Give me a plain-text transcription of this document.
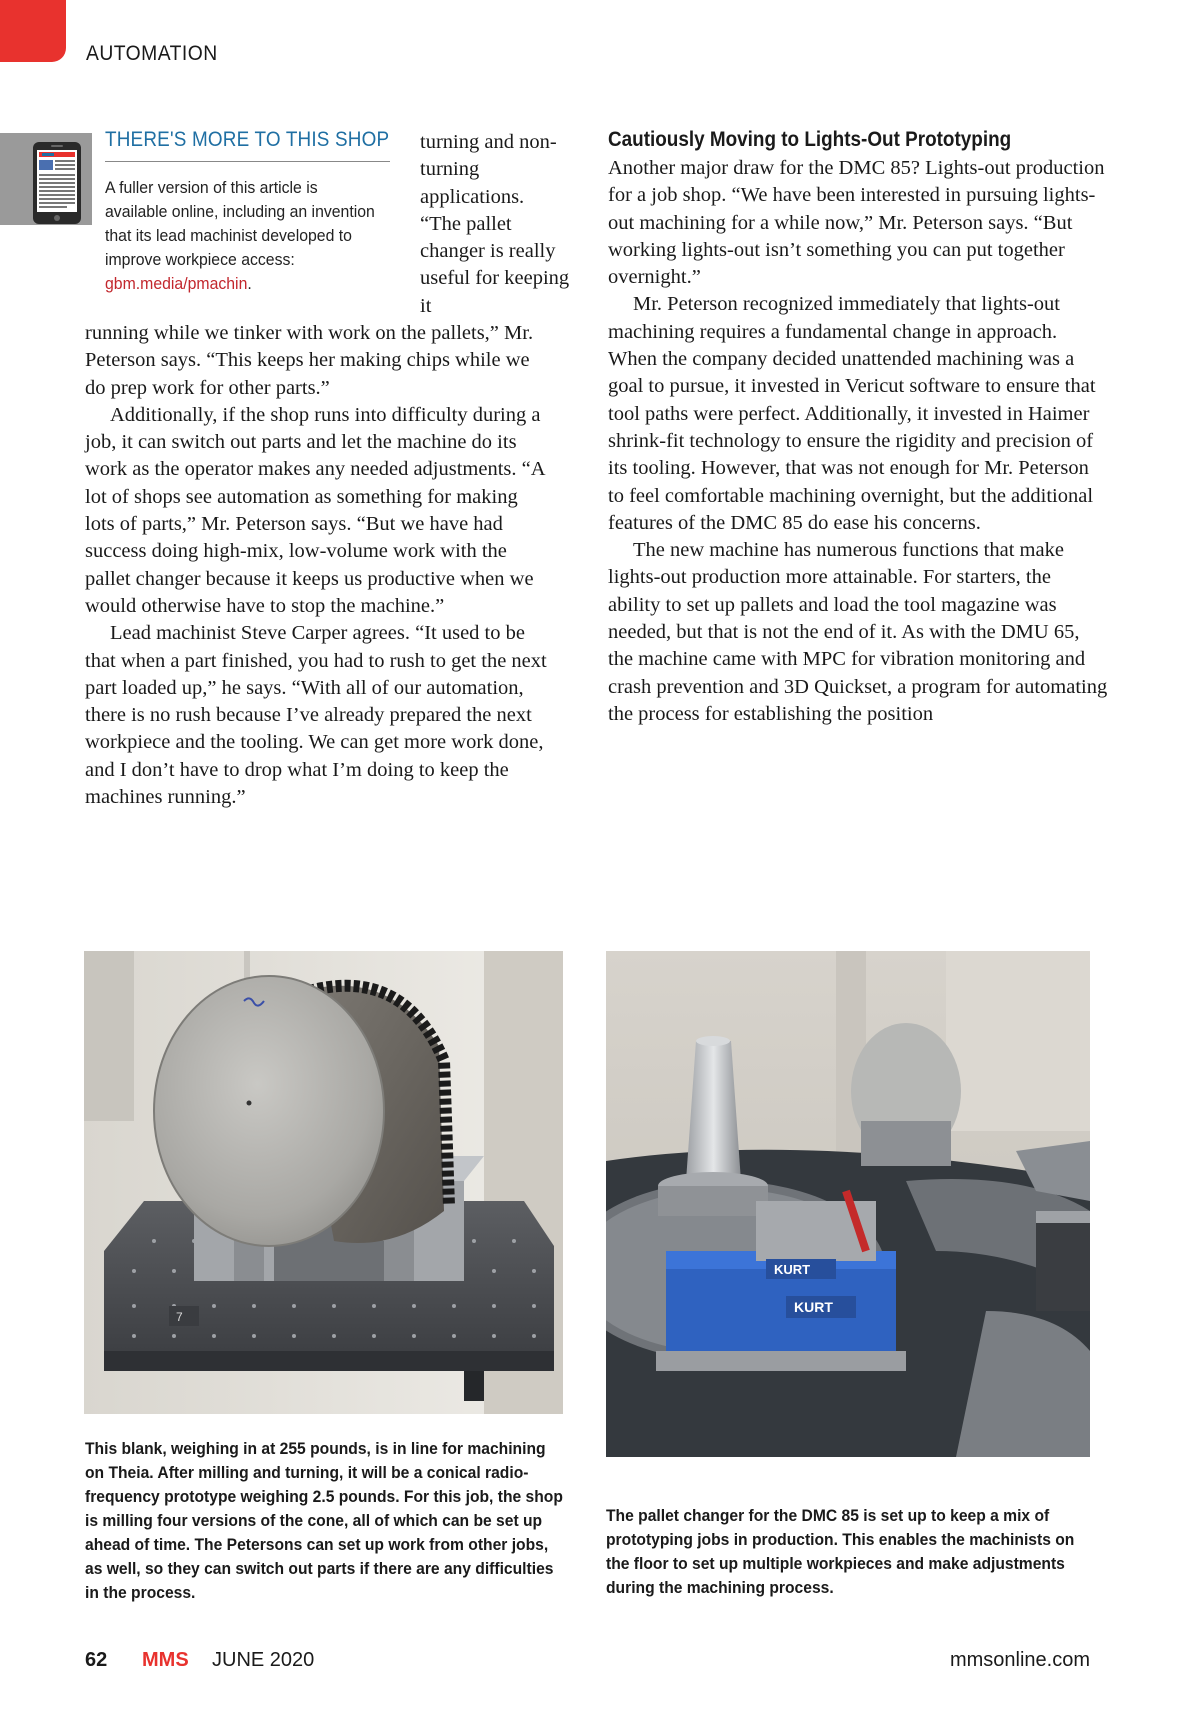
AUTOMATION
THERE'S MORE TO THIS SHOP
A fuller version of this article is available online, including an invention that its lead machinist developed to improve workpiece access: gbm.media/pmachin.

turning and non-turning applications. “The pallet changer is really useful for keeping it

running while we tinker with work on the pallets,” Mr. Peterson says. “This keeps her making chips while we do prep work for other parts.”

Additionally, if the shop runs into difficulty during a job, it can switch out parts and let the machine do its work as the operator makes any needed adjustments. “A lot of shops see automation as something for making lots of parts,” Mr. Peterson says. “But we have had success doing high-mix, low-volume work with the pallet changer because it keeps us productive when we would otherwise have to stop the machine.”

Lead machinist Steve Carper agrees. “It used to be that when a part finished, you had to rush to get the next part loaded up,” he says. “With all of our automation, there is no rush because I’ve already prepared the next workpiece and the tooling. We can get more work done, and I don’t have to drop what I’m doing to keep the machines running.”

Cautiously Moving to Lights-Out Prototyping

Another major draw for the DMC 85? Lights-out production for a job shop. “We have been interested in pursuing lights-out machining for a while now,” Mr. Peterson says. “But working lights-out isn’t something you can put together overnight.”

Mr. Peterson recognized immediately that lights-out machining requires a fundamental change in approach. When the company decided unattended machining was a goal to pursue, it invested in Vericut software to ensure that tool paths were perfect. Additionally, it invested in Haimer shrink-fit technology to ensure the rigidity and precision of its tooling. However, that was not enough for Mr. Peterson to feel comfortable machining overnight, but the additional features of the DMC 85 do ease his concerns.

The new machine has numerous functions that make lights-out production more attainable. For starters, the ability to set up pallets and load the tool magazine was needed, but that is not the end of it. As with the DMU 65, the machine came with MPC for vibration monitoring and crash prevention and 3D Quickset, a program for automating the process for establishing the position

7
KURT
KURT
This blank, weighing in at 255 pounds, is in line for machining on Theia. After milling and turning, it will be a conical radio-frequency prototype weighing 2.5 pounds. For this job, the shop is milling four versions of the cone, all of which can be set up ahead of time. The Petersons can set up work from other jobs, as well, so they can switch out parts if there are any difficulties in the process.
The pallet changer for the DMC 85 is set up to keep a mix of prototyping jobs in production. This enables the machinists on the floor to set up multiple workpieces and make adjustments during the machining process.
62 MMS JUNE 2020	mmsonline.com
